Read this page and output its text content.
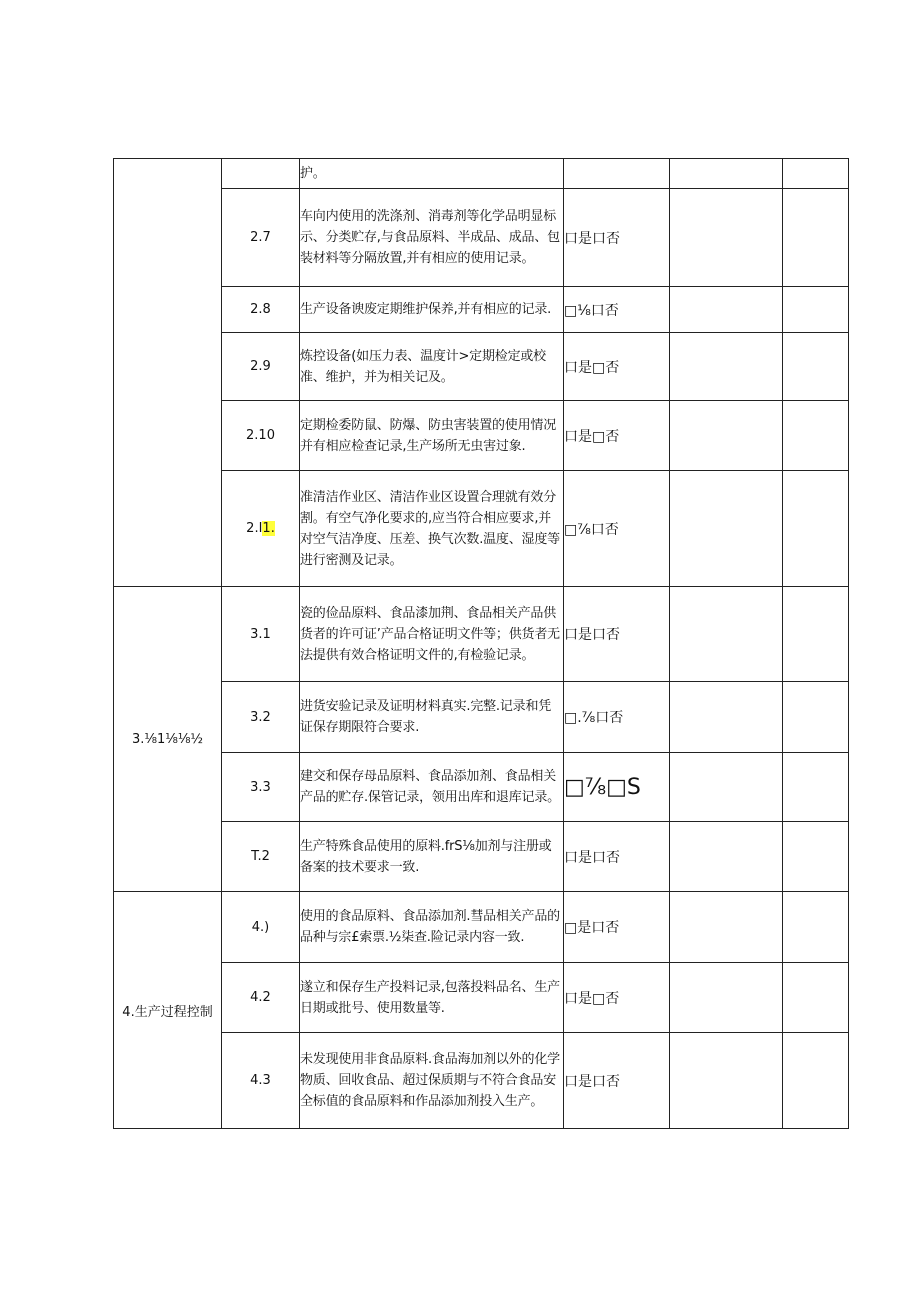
		护。			
	2.7	车向内使用的洗涤剂、消毒剂等化学品明显标示、分类贮存,与食品原料、半成品、成品、包装材料等分隔放置,并有相应的使用记录。	口是口否		
	2.8	生产设备谀废定期维护保养,并有相应的记录.	□⅛口否		
	2.9	炼控设备(如压力表、温度计>定期检定或校准、维护，并为相关记及。	口是□否		
	2.10	定期检委防鼠、防爆、防虫害装置的使用情况并有相应检查记录,生产场所无虫害过象.	口是□否		
	2.I1.	准清洁作业区、清洁作业区设置合理就有效分割。有空气净化要求的,应当符合相应要求,并对空气洁净度、压差、换气次数.温度、湿度等进行密测及记录。	□⅞口否		
3.⅛1⅛⅛½	3.1	瓷的俭品原料、食品漆加荆、食品相关产品供货者的许可证’产品合格证明文件等；供货者无法提供有效合格证明文件的,有检验记录。	口是口否		
	3.2	进货安验记录及证明材料真实.完整.记录和凭证保存期限符合要求.	□.⅞口否		
	3.3	建交和保存母品原料、食品添加剂、食品相关产品的贮存.保管记录，领用出库和退库记录。	□⅞□S		
	T.2	生产特殊食品使用的原料.frS⅛加剂与注册或备案的技术要求一致.	口是口否		
4.生产过程控制	4.)	使用的食品原料、食品添加剂.彗品相关产品的品种与宗£索票.½柒查.险记录内容一致.	□是口否		
	4.2	遂立和保存生产投料记录,包落投料品名、生产日期或批号、使用数量等.	口是□否		
	4.3	未发现使用非食品原料.食品海加剂以外的化学物质、回收食品、超过保质期与不符合食品安全标值的食品原料和作品添加剂投入生产。	口是口否		
